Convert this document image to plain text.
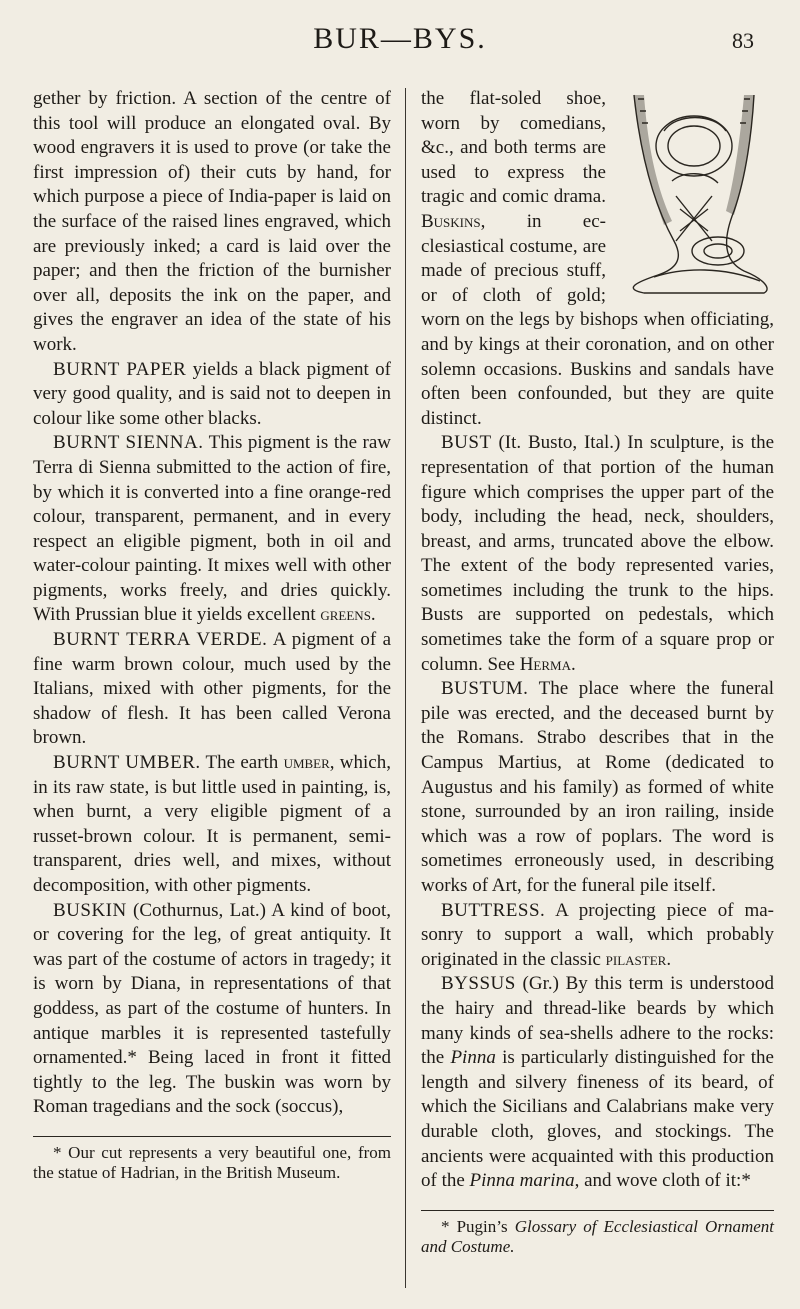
BUR—BYS.	83

gether by friction. A section of the centre of this tool will produce an elongated oval. By wood engravers it is used to prove (or take the first impression of) their cuts by hand, for which purpose a piece of India-paper is laid on the surface of the raised lines engraved, which are previously inked; a card is laid over the paper; and then the friction of the burnisher over all, deposits the ink on the paper, and gives the engraver an idea of the state of his work.

BURNT PAPER yields a black pigment of very good quality, and is said not to deepen in colour like some other blacks.

BURNT SIENNA. This pigment is the raw Terra di Sienna submitted to the action of fire, by which it is converted into a fine orange-red colour, transparent, permanent, and in every respect an eligible pigment, both in oil and water-colour painting. It mixes well with other pigments, works freely, and dries quickly. With Prussian blue it yields excellent greens.

BURNT TERRA VERDE. A pigment of a fine warm brown colour, much used by the Italians, mixed with other pigments, for the shadow of flesh. It has been called Verona brown.

BURNT UMBER. The earth umber, which, in its raw state, is but little used in painting, is, when burnt, a very eligible pigment of a russet-brown colour. It is permanent, semi-transparent, dries well, and mixes, without decomposition, with other pigments.

BUSKIN (Cothurnus, Lat.) A kind of boot, or covering for the leg, of great antiquity. It was part of the costume of actors in tragedy; it is worn by Diana, in representations of that goddess, as part of the costume of hunters. In antique marbles it is represented tastefully ornamented.* Being laced in front it fitted tightly to the leg. The buskin was worn by Roman tragedians and the sock (soccus),

* Our cut represents a very beautiful one, from the statue of Hadrian, in the British Museum.

the flat-soled shoe, worn by comedians, &c., and both terms are used to express the tragic and comic drama. Buskins, in ecclesiastical costume, are made of precious stuff, or of cloth of gold; worn on the legs by bishops when officiating, and by kings at their coronation, and on other solemn occasions. Buskins and sandals have often been confounded, but they are quite distinct.

BUST (It. Busto, Ital.) In sculpture, is the representation of that portion of the human figure which comprises the upper part of the body, including the head, neck, shoulders, breast, and arms, truncated above the elbow. The extent of the body represented varies, sometimes including the trunk to the hips. Busts are supported on pedestals, which sometimes take the form of a square prop or column. See Herma.

BUSTUM. The place where the funeral pile was erected, and the deceased burnt by the Romans. Strabo describes that in the Campus Martius, at Rome (dedicated to Augustus and his family) as formed of white stone, surrounded by an iron railing, inside which was a row of poplars. The word is sometimes erroneously used, in describing works of Art, for the funeral pile itself.

BUTTRESS. A projecting piece of masonry to support a wall, which probably originated in the classic pilaster.

BYSSUS (Gr.) By this term is understood the hairy and thread-like beards by which many kinds of sea-shells adhere to the rocks: the Pinna is particularly distinguished for the length and silvery fineness of its beard, of which the Sicilians and Calabrians make very durable cloth, gloves, and stockings. The ancients were acquainted with this production of the Pinna marina, and wove cloth of it:*

* Pugin’s Glossary of Ecclesiastical Ornament and Costume.
